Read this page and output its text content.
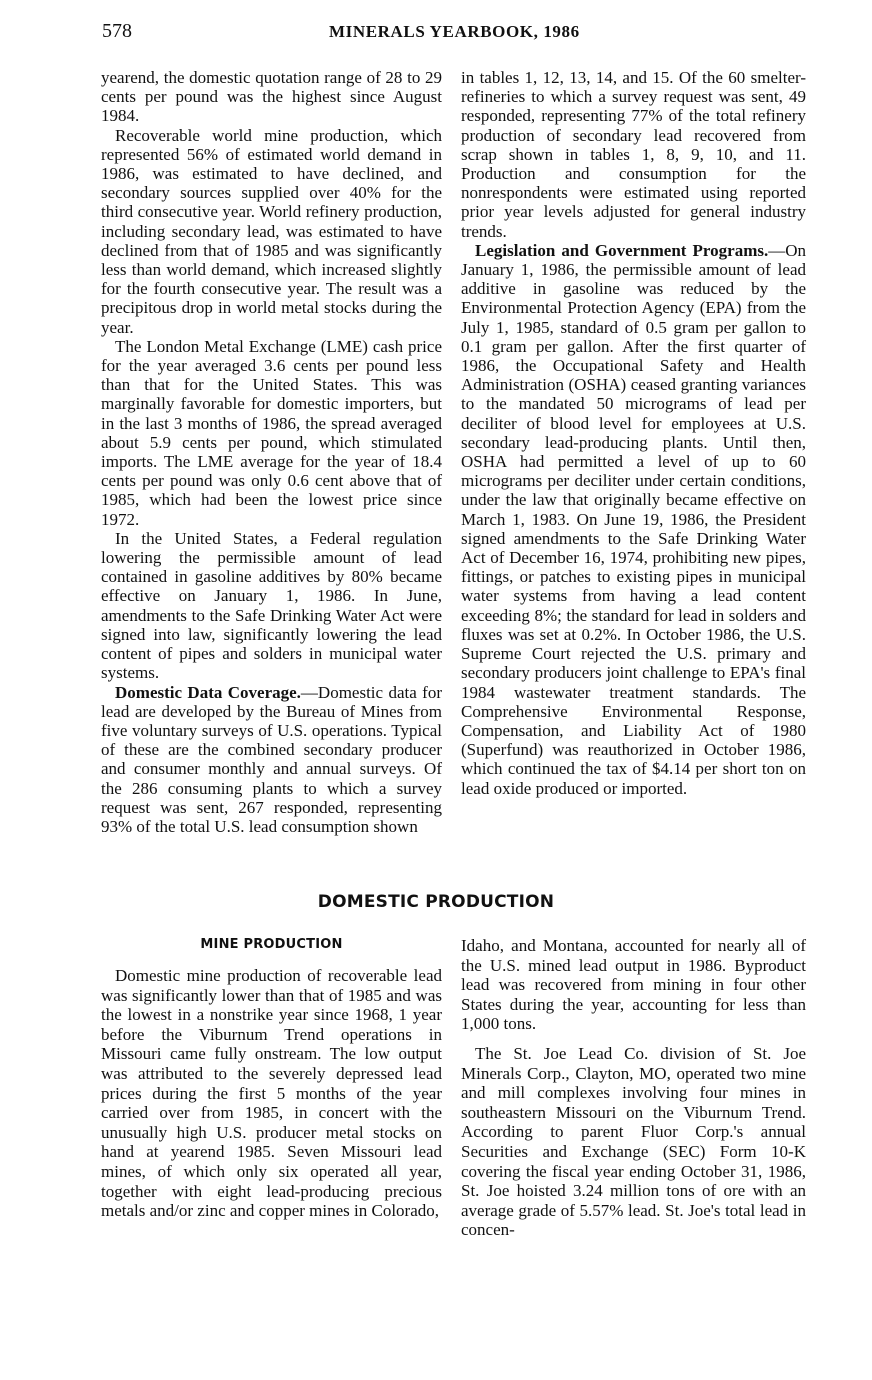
578	MINERALS YEARBOOK, 1986

yearend, the domestic quotation range of 28 to 29 cents per pound was the highest since August 1984.

Recoverable world mine production, which represented 56% of estimated world demand in 1986, was estimated to have declined, and secondary sources supplied over 40% for the third consecutive year. World refinery production, including secondary lead, was estimated to have declined from that of 1985 and was significantly less than world demand, which increased slightly for the fourth consecutive year. The result was a precipitous drop in world metal stocks during the year.

The London Metal Exchange (LME) cash price for the year averaged 3.6 cents per pound less than that for the United States. This was marginally favorable for domestic importers, but in the last 3 months of 1986, the spread averaged about 5.9 cents per pound, which stimulated imports. The LME average for the year of 18.4 cents per pound was only 0.6 cent above that of 1985, which had been the lowest price since 1972.

In the United States, a Federal regulation lowering the permissible amount of lead contained in gasoline additives by 80% became effective on January 1, 1986. In June, amendments to the Safe Drinking Water Act were signed into law, significantly lowering the lead content of pipes and solders in municipal water systems.

Domestic Data Coverage.—Domestic data for lead are developed by the Bureau of Mines from five voluntary surveys of U.S. operations. Typical of these are the combined secondary producer and consumer monthly and annual surveys. Of the 286 consuming plants to which a survey request was sent, 267 responded, representing 93% of the total U.S. lead consumption shown

in tables 1, 12, 13, 14, and 15. Of the 60 smelter-refineries to which a survey request was sent, 49 responded, representing 77% of the total refinery production of secondary lead recovered from scrap shown in tables 1, 8, 9, 10, and 11. Production and consumption for the nonrespondents were estimated using reported prior year levels adjusted for general industry trends.

Legislation and Government Programs.—On January 1, 1986, the permissible amount of lead additive in gasoline was reduced by the Environmental Protection Agency (EPA) from the July 1, 1985, standard of 0.5 gram per gallon to 0.1 gram per gallon. After the first quarter of 1986, the Occupational Safety and Health Administration (OSHA) ceased granting variances to the mandated 50 micrograms of lead per deciliter of blood level for employees at U.S. secondary lead-producing plants. Until then, OSHA had permitted a level of up to 60 micrograms per deciliter under certain conditions, under the law that originally became effective on March 1, 1983. On June 19, 1986, the President signed amendments to the Safe Drinking Water Act of December 16, 1974, prohibiting new pipes, fittings, or patches to existing pipes in municipal water systems from having a lead content exceeding 8%; the standard for lead in solders and fluxes was set at 0.2%. In October 1986, the U.S. Supreme Court rejected the U.S. primary and secondary producers joint challenge to EPA's final 1984 wastewater treatment standards. The Comprehensive Environmental Response, Compensation, and Liability Act of 1980 (Superfund) was reauthorized in October 1986, which continued the tax of $4.14 per short ton on lead oxide produced or imported.

DOMESTIC PRODUCTION
MINE PRODUCTION

Domestic mine production of recoverable lead was significantly lower than that of 1985 and was the lowest in a nonstrike year since 1968, 1 year before the Viburnum Trend operations in Missouri came fully onstream. The low output was attributed to the severely depressed lead prices during the first 5 months of the year carried over from 1985, in concert with the unusually high U.S. producer metal stocks on hand at yearend 1985. Seven Missouri lead mines, of which only six operated all year, together with eight lead-producing precious metals and/or zinc and copper mines in Colorado,

Idaho, and Montana, accounted for nearly all of the U.S. mined lead output in 1986. Byproduct lead was recovered from mining in four other States during the year, accounting for less than 1,000 tons.

The St. Joe Lead Co. division of St. Joe Minerals Corp., Clayton, MO, operated two mine and mill complexes involving four mines in southeastern Missouri on the Viburnum Trend. According to parent Fluor Corp.'s annual Securities and Exchange (SEC) Form 10-K covering the fiscal year ending October 31, 1986, St. Joe hoisted 3.24 million tons of ore with an average grade of 5.57% lead. St. Joe's total lead in concen-
